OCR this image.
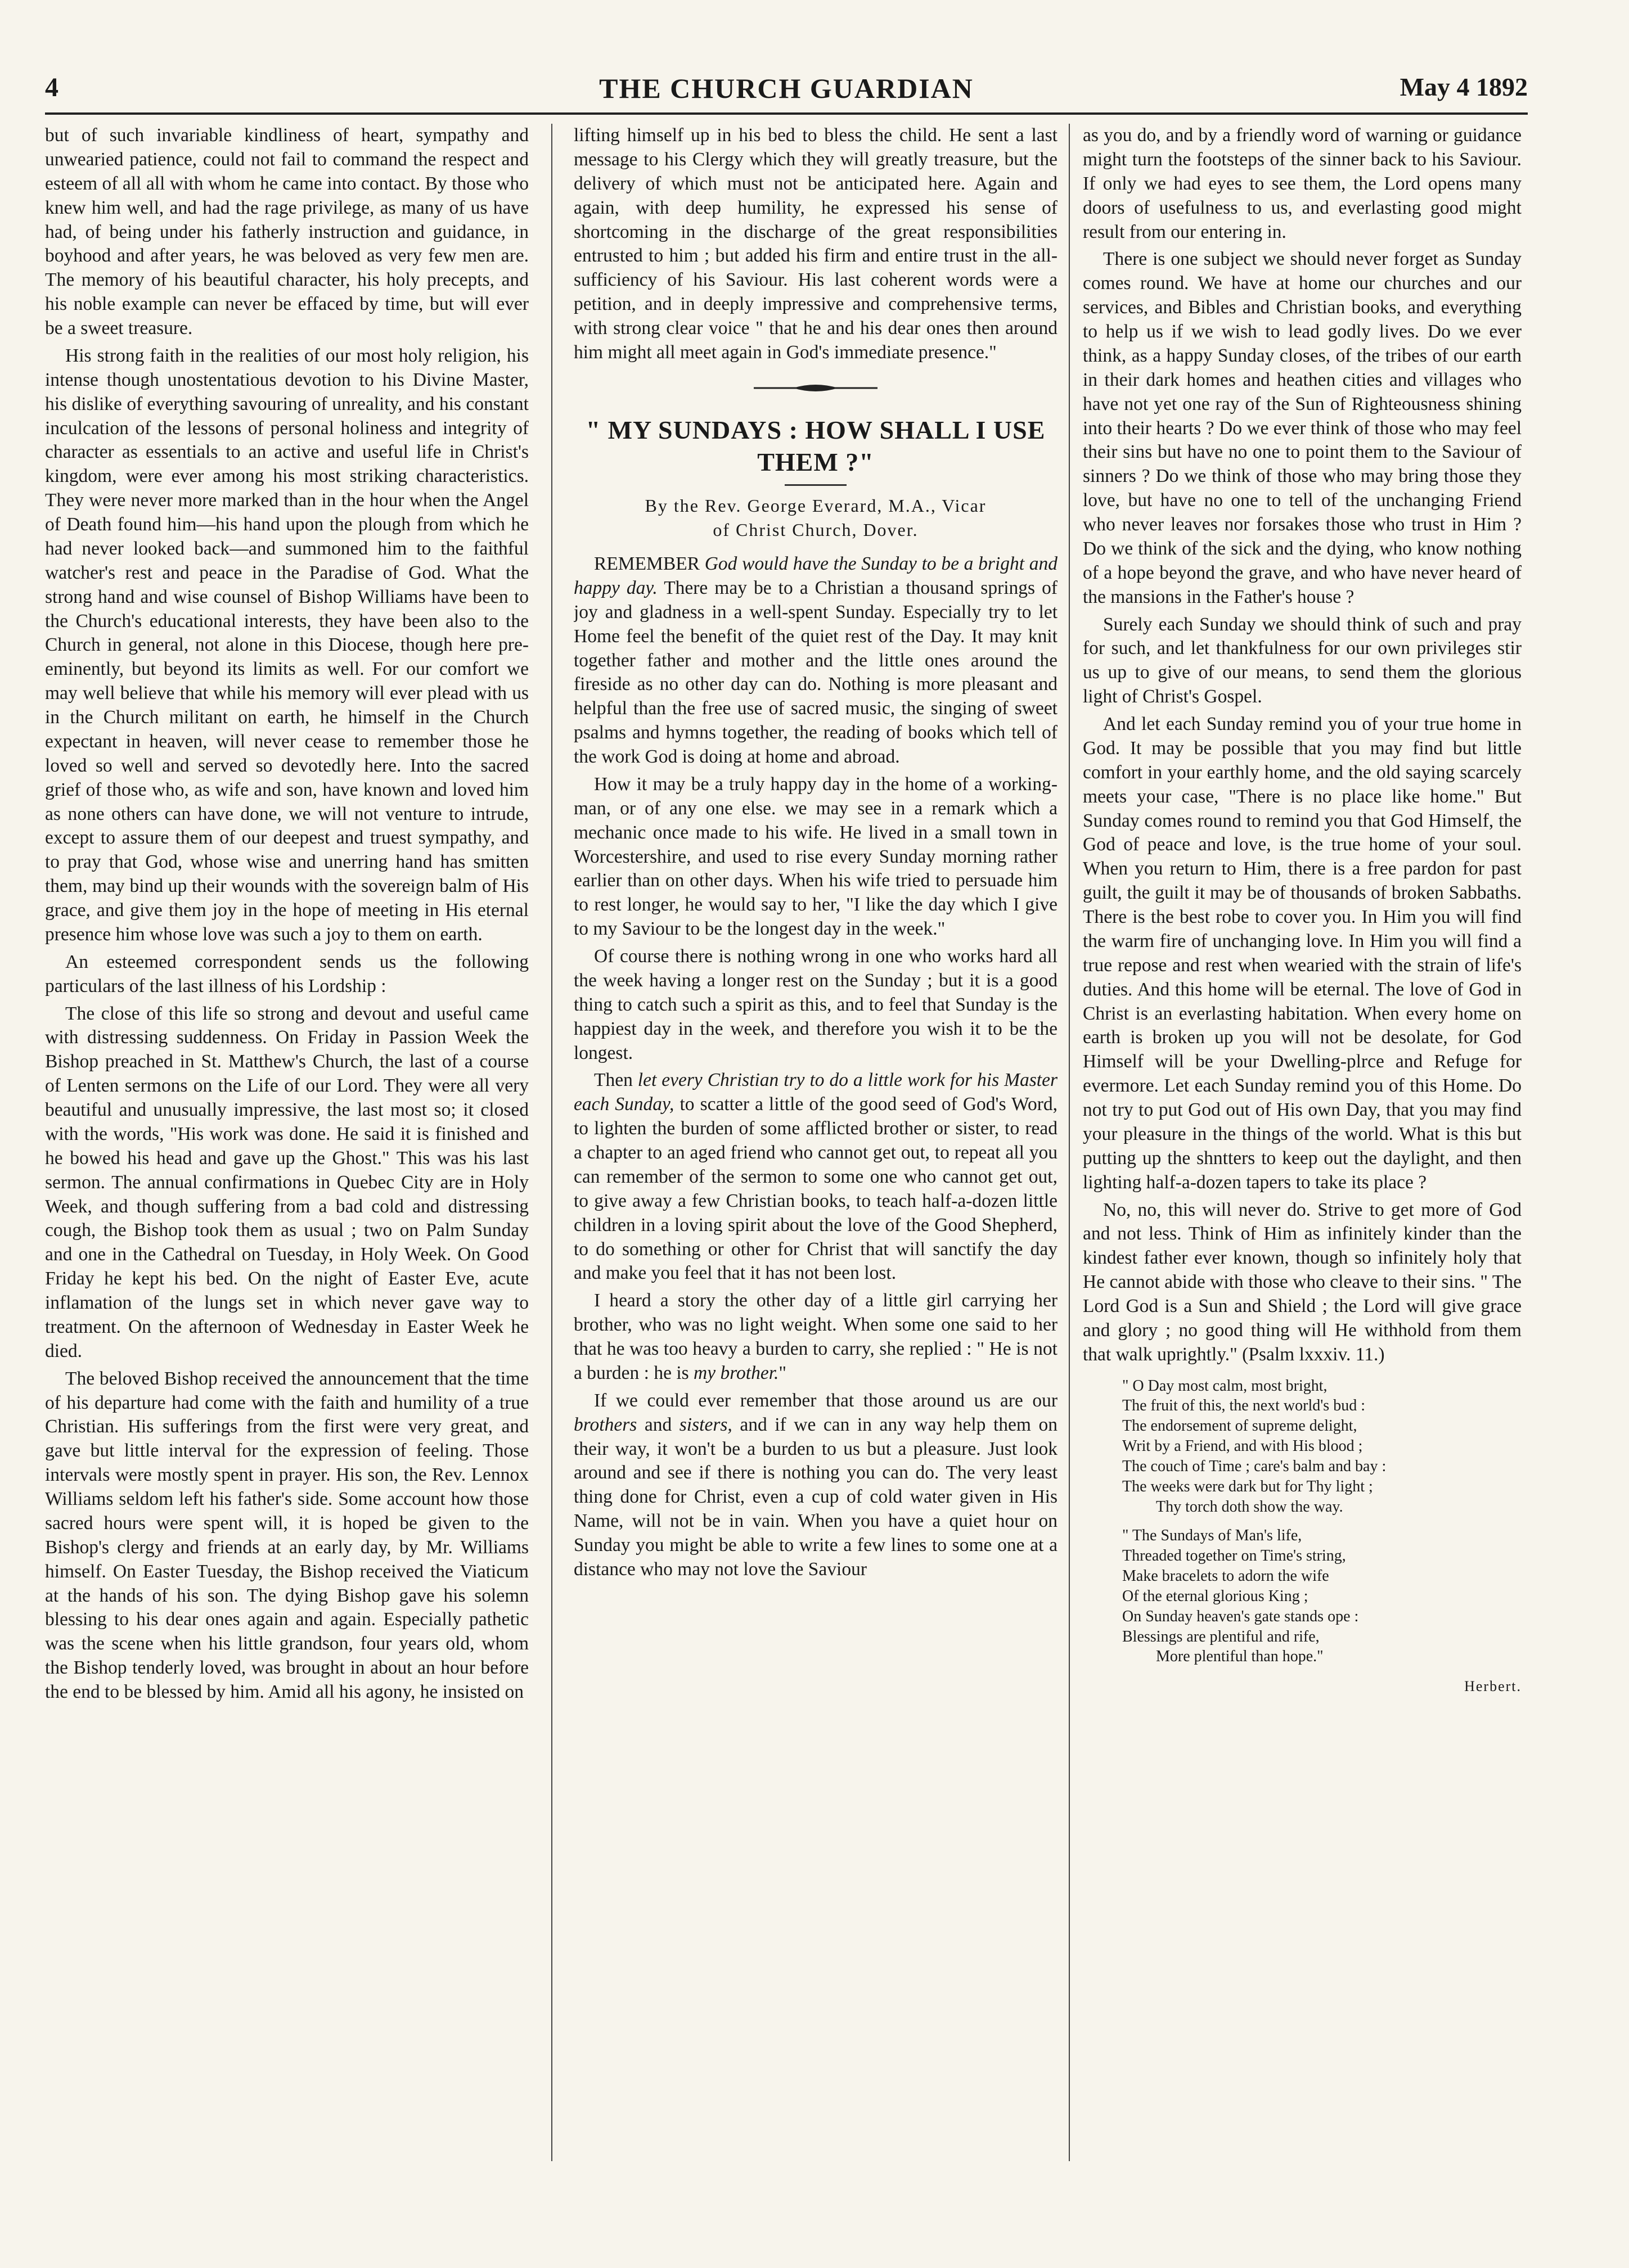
4	THE CHURCH GUARDIAN	May 4 1892

but of such invariable kindliness of heart, sympathy and unwearied patience, could not fail to command the respect and esteem of all all with whom he came into contact. By those who knew him well, and had the rage privilege, as many of us have had, of being under his fatherly instruction and guidance, in boyhood and after years, he was beloved as very few men are. The memory of his beautiful character, his holy precepts, and his noble example can never be effaced by time, but will ever be a sweet treasure.

His strong faith in the realities of our most holy religion, his intense though unostentatious devotion to his Divine Master, his dislike of everything savouring of unreality, and his constant inculcation of the lessons of personal holiness and integrity of character as essentials to an active and useful life in Christ's kingdom, were ever among his most striking characteristics. They were never more marked than in the hour when the Angel of Death found him—his hand upon the plough from which he had never looked back—and summoned him to the faithful watcher's rest and peace in the Paradise of God. What the strong hand and wise counsel of Bishop Williams have been to the Church's educational interests, they have been also to the Church in general, not alone in this Diocese, though here pre-eminently, but beyond its limits as well. For our comfort we may well believe that while his memory will ever plead with us in the Church militant on earth, he himself in the Church expectant in heaven, will never cease to remember those he loved so well and served so devotedly here. Into the sacred grief of those who, as wife and son, have known and loved him as none others can have done, we will not venture to intrude, except to assure them of our deepest and truest sympathy, and to pray that God, whose wise and unerring hand has smitten them, may bind up their wounds with the sovereign balm of His grace, and give them joy in the hope of meeting in His eternal presence him whose love was such a joy to them on earth.

An esteemed correspondent sends us the following particulars of the last illness of his Lordship :

The close of this life so strong and devout and useful came with distressing suddenness. On Friday in Passion Week the Bishop preached in St. Matthew's Church, the last of a course of Lenten sermons on the Life of our Lord. They were all very beautiful and unusually impressive, the last most so; it closed with the words, "His work was done. He said it is finished and he bowed his head and gave up the Ghost." This was his last sermon. The annual confirmations in Quebec City are in Holy Week, and though suffering from a bad cold and distressing cough, the Bishop took them as usual ; two on Palm Sunday and one in the Cathedral on Tuesday, in Holy Week. On Good Friday he kept his bed. On the night of Easter Eve, acute inflamation of the lungs set in which never gave way to treatment. On the afternoon of Wednesday in Easter Week he died.

The beloved Bishop received the announcement that the time of his departure had come with the faith and humility of a true Christian. His sufferings from the first were very great, and gave but little interval for the expression of feeling. Those intervals were mostly spent in prayer. His son, the Rev. Lennox Williams seldom left his father's side. Some account how those sacred hours were spent will, it is hoped be given to the Bishop's clergy and friends at an early day, by Mr. Williams himself. On Easter Tuesday, the Bishop received the Viaticum at the hands of his son. The dying Bishop gave his solemn blessing to his dear ones again and again. Especially pathetic was the scene when his little grandson, four years old, whom the Bishop tenderly loved, was brought in about an hour before the end to be blessed by him. Amid all his agony, he insisted on

lifting himself up in his bed to bless the child. He sent a last message to his Clergy which they will greatly treasure, but the delivery of which must not be anticipated here. Again and again, with deep humility, he expressed his sense of shortcoming in the discharge of the great responsibilities entrusted to him ; but added his firm and entire trust in the all-sufficiency of his Saviour. His last coherent words were a petition, and in deeply impressive and comprehensive terms, with strong clear voice " that he and his dear ones then around him might all meet again in God's immediate presence."

" MY SUNDAYS : HOW SHALL I USE THEM ?"
By the Rev. George Everard, M.A., Vicar
of Christ Church, Dover.

REMEMBER God would have the Sunday to be a bright and happy day. There may be to a Christian a thousand springs of joy and gladness in a well-spent Sunday. Especially try to let Home feel the benefit of the quiet rest of the Day. It may knit together father and mother and the little ones around the fireside as no other day can do. Nothing is more pleasant and helpful than the free use of sacred music, the singing of sweet psalms and hymns together, the reading of books which tell of the work God is doing at home and abroad.

How it may be a truly happy day in the home of a working-man, or of any one else. we may see in a remark which a mechanic once made to his wife. He lived in a small town in Worcestershire, and used to rise every Sunday morning rather earlier than on other days. When his wife tried to persuade him to rest longer, he would say to her, "I like the day which I give to my Saviour to be the longest day in the week."

Of course there is nothing wrong in one who works hard all the week having a longer rest on the Sunday ; but it is a good thing to catch such a spirit as this, and to feel that Sunday is the happiest day in the week, and therefore you wish it to be the longest.

Then let every Christian try to do a little work for his Master each Sunday, to scatter a little of the good seed of God's Word, to lighten the burden of some afflicted brother or sister, to read a chapter to an aged friend who cannot get out, to repeat all you can remember of the sermon to some one who cannot get out, to give away a few Christian books, to teach half-a-dozen little children in a loving spirit about the love of the Good Shepherd, to do something or other for Christ that will sanctify the day and make you feel that it has not been lost.

I heard a story the other day of a little girl carrying her brother, who was no light weight. When some one said to her that he was too heavy a burden to carry, she replied : " He is not a burden : he is my brother."

If we could ever remember that those around us are our brothers and sisters, and if we can in any way help them on their way, it won't be a burden to us but a pleasure. Just look around and see if there is nothing you can do. The very least thing done for Christ, even a cup of cold water given in His Name, will not be in vain. When you have a quiet hour on Sunday you might be able to write a few lines to some one at a distance who may not love the Saviour

as you do, and by a friendly word of warning or guidance might turn the footsteps of the sinner back to his Saviour. If only we had eyes to see them, the Lord opens many doors of usefulness to us, and everlasting good might result from our entering in.

There is one subject we should never forget as Sunday comes round. We have at home our churches and our services, and Bibles and Christian books, and everything to help us if we wish to lead godly lives. Do we ever think, as a happy Sunday closes, of the tribes of our earth in their dark homes and heathen cities and villages who have not yet one ray of the Sun of Righteousness shining into their hearts ? Do we ever think of those who may feel their sins but have no one to point them to the Saviour of sinners ? Do we think of those who may bring those they love, but have no one to tell of the unchanging Friend who never leaves nor forsakes those who trust in Him ? Do we think of the sick and the dying, who know nothing of a hope beyond the grave, and who have never heard of the mansions in the Father's house ?

Surely each Sunday we should think of such and pray for such, and let thankfulness for our own privileges stir us up to give of our means, to send them the glorious light of Christ's Gospel.

And let each Sunday remind you of your true home in God. It may be possible that you may find but little comfort in your earthly home, and the old saying scarcely meets your case, "There is no place like home." But Sunday comes round to remind you that God Himself, the God of peace and love, is the true home of your soul. When you return to Him, there is a free pardon for past guilt, the guilt it may be of thousands of broken Sabbaths. There is the best robe to cover you. In Him you will find the warm fire of unchanging love. In Him you will find a true repose and rest when wearied with the strain of life's duties. And this home will be eternal. The love of God in Christ is an everlasting habitation. When every home on earth is broken up you will not be desolate, for God Himself will be your Dwelling-plrce and Refuge for evermore. Let each Sunday remind you of this Home. Do not try to put God out of His own Day, that you may find your pleasure in the things of the world. What is this but putting up the shntters to keep out the daylight, and then lighting half-a-dozen tapers to take its place ?

No, no, this will never do. Strive to get more of God and not less. Think of Him as infinitely kinder than the kindest father ever known, though so infinitely holy that He cannot abide with those who cleave to their sins. " The Lord God is a Sun and Shield ; the Lord will give grace and glory ; no good thing will He withhold from them that walk uprightly." (Psalm lxxxiv. 11.)

" O Day most calm, most bright,
The fruit of this, the next world's bud :
The endorsement of supreme delight,
Writ by a Friend, and with His blood ;
The couch of Time ; care's balm and bay :
The weeks were dark but for Thy light ;
Thy torch doth show the way.
" The Sundays of Man's life,
Threaded together on Time's string,
Make bracelets to adorn the wife
Of the eternal glorious King ;
On Sunday heaven's gate stands ope :
Blessings are plentiful and rife,
More plentiful than hope."
Herbert.
